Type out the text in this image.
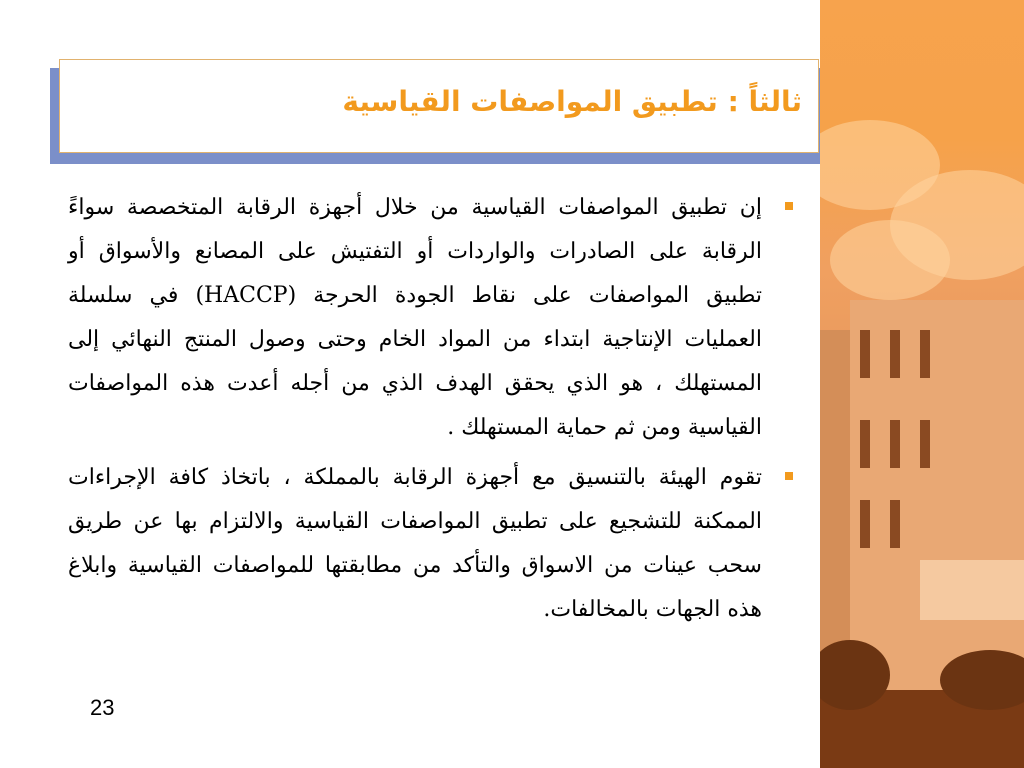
ثالثاً : تطبيق المواصفات القياسية
إن تطبيق المواصفات القياسية من خلال أجهزة الرقابة المتخصصة سواءً الرقابة على الصادرات والواردات أو التفتيش على المصانع والأسواق أو تطبيق المواصفات على نقاط الجودة الحرجة (HACCP) في سلسلة العمليات الإنتاجية ابتداء من المواد الخام وحتى وصول المنتج النهائي إلى المستهلك ، هو الذي يحقق الهدف الذي من أجله أعدت هذه المواصفات القياسية ومن ثم حماية المستهلك .
تقوم الهيئة بالتنسيق مع أجهزة الرقابة بالمملكة ، باتخاذ كافة الإجراءات الممكنة للتشجيع على تطبيق المواصفات القياسية والالتزام بها عن طريق سحب عينات من الاسواق والتأكد من مطابقتها للمواصفات القياسية وابلاغ هذه الجهات بالمخالفات.
23
